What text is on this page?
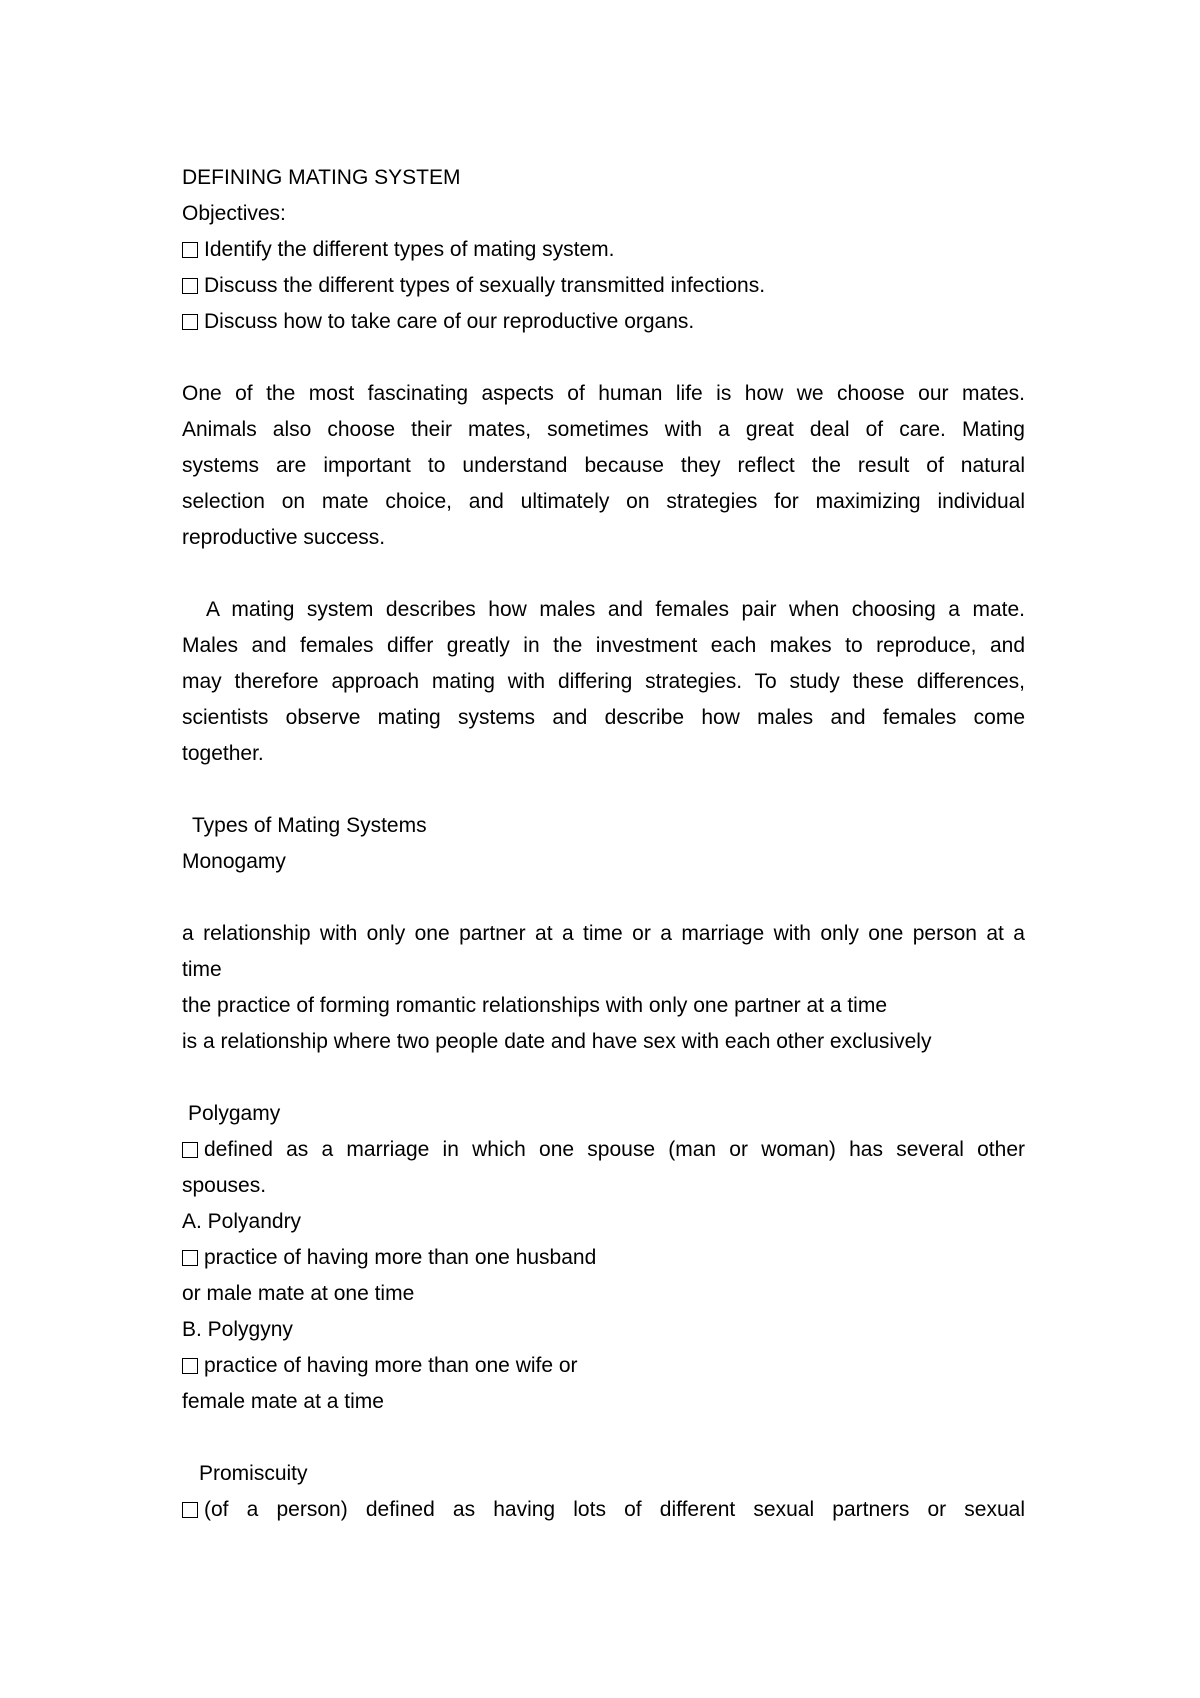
DEFINING MATING SYSTEM
Objectives:
Identify the different types of mating system.
Discuss the different types of sexually transmitted infections.
Discuss how to take care of our reproductive organs.
One of the most fascinating aspects of human life is how we choose our mates.
Animals also choose their mates, sometimes with a great deal of care. Mating
systems are important to understand because they reflect the result of natural
selection on mate choice, and ultimately on strategies for maximizing individual
reproductive success.
A mating system describes how males and females pair when choosing a mate.
Males and females differ greatly in the investment each makes to reproduce, and
may therefore approach mating with differing strategies. To study these differences,
scientists observe mating systems and describe how males and females come
together.
Types of Mating Systems
Monogamy
a relationship with only one partner at a time or a marriage with only one person at a
time
the practice of forming romantic relationships with only one partner at a time
is a relationship where two people date and have sex with each other exclusively
Polygamy
defined as a marriage in which one spouse (man or woman) has several other
spouses.
A. Polyandry
practice of having more than one husband
or male mate at one time
B. Polygyny
practice of having more than one wife or
female mate at a time
Promiscuity
(of a person) defined as having lots of different sexual partners or sexual
